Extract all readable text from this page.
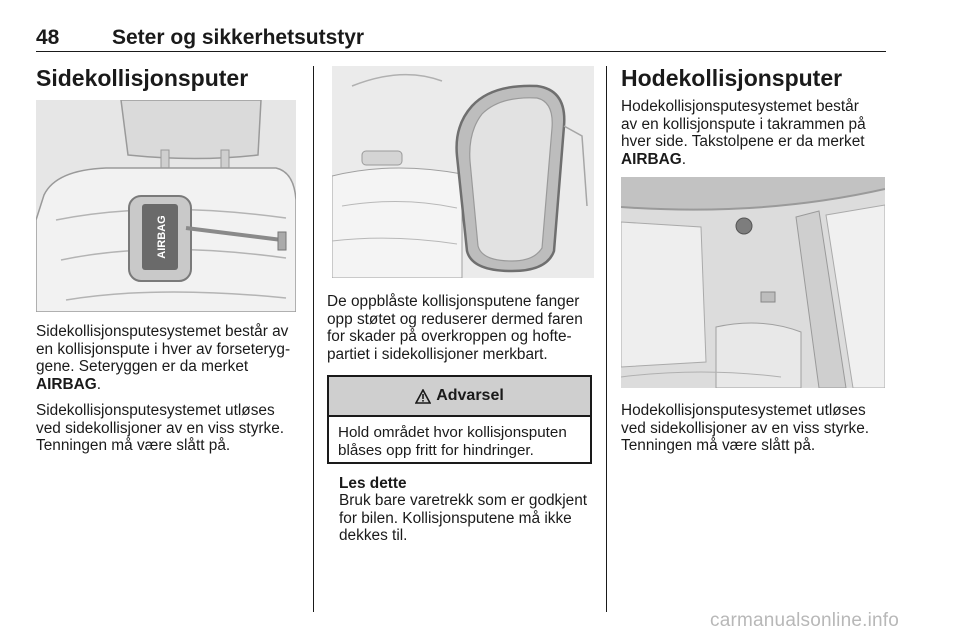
48	Seter og sikkerhetsutstyr
Sidekollisjonsputer
AIRBAG

Sidekollisjonsputesystemet består av
en kollisjonspute i hver av forseteryg-
gene. Seteryggen er da merket
AIRBAG.

Sidekollisjonsputesystemet utløses
ved sidekollisjoner av en viss styrke.
Tenningen må være slått på.

De oppblåste kollisjonsputene fanger
opp støtet og reduserer dermed faren
for skader på overkroppen og hofte-
partiet i sidekollisjoner merkbart.

Advarsel
Hold området hvor kollisjonsputen
blåses opp fritt for hindringer.
Les dette

Bruk bare varetrekk som er godkjent
for bilen. Kollisjonsputene må ikke
dekkes til.

Hodekollisjonsputer

Hodekollisjonsputesystemet består
av en kollisjonspute i takrammen på
hver side. Takstolpene er da merket
AIRBAG.

Hodekollisjonsputesystemet utløses
ved sidekollisjoner av en viss styrke.
Tenningen må være slått på.

carmanualsonline.info
